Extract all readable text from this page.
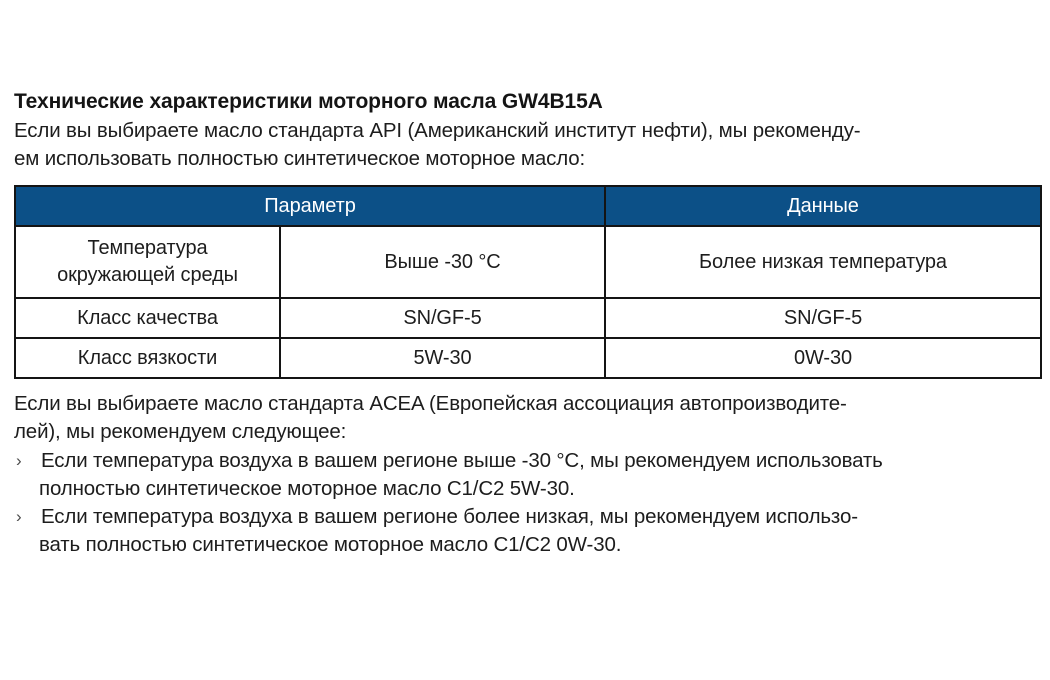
Технические характеристики моторного масла GW4B15A

Если вы выбираете масло стандарта API (Американский институт нефти), мы рекоменду-
ем использовать полностью синтетическое моторное масло:

Параметр		Данные

Температура
окружающей среды	Выше -30 °C	Более низкая температура
Класс качества	SN/GF-5	SN/GF-5
Класс вязкости	5W-30	0W-30

Если вы выбираете масло стандарта ACEA (Европейская ассоциация автопроизводите-
лей), мы рекомендуем следующее:

› Если температура воздуха в вашем регионе выше -30 °C, мы рекомендуем использовать
полностью синтетическое моторное масло C1/C2 5W-30.
› Если температура воздуха в вашем регионе более низкая, мы рекомендуем использо-
вать полностью синтетическое моторное масло C1/C2 0W-30.
